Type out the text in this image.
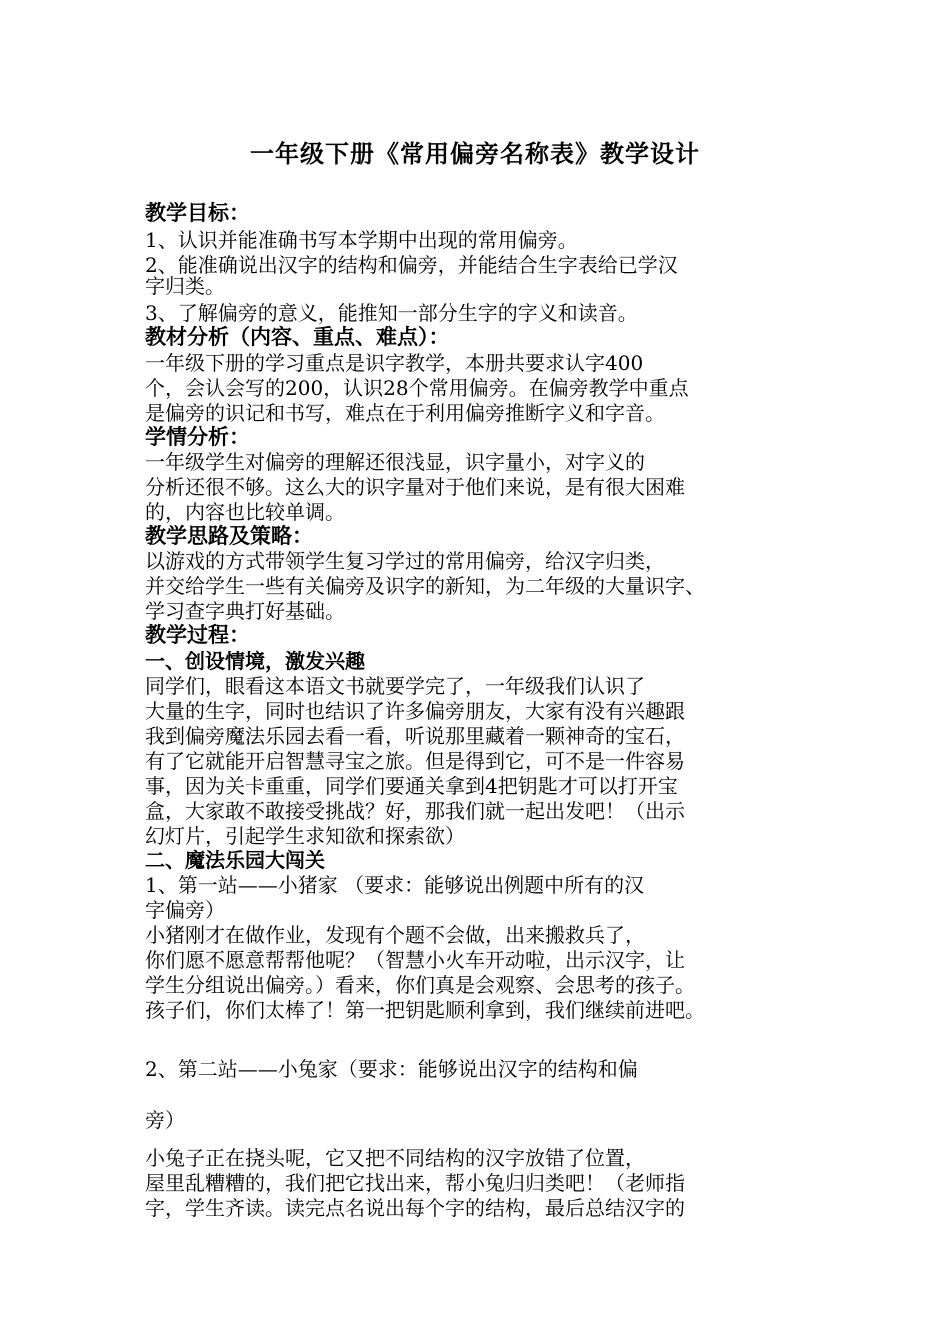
一年级下册《常用偏旁名称表》教学设计
教学目标：
1、认识并能准确书写本学期中出现的常用偏旁。
2、能准确说出汉字的结构和偏旁，并能结合生字表给已学汉
字归类。
3、了解偏旁的意义，能推知一部分生字的字义和读音。
教材分析（内容、重点、难点）：
一年级下册的学习重点是识字教学，本册共要求认字400
个，会认会写的200，认识28个常用偏旁。在偏旁教学中重点
是偏旁的识记和书写，难点在于利用偏旁推断字义和字音。
学情分析：
一年级学生对偏旁的理解还很浅显，识字量小，对字义的
分析还很不够。这么大的识字量对于他们来说，是有很大困难
的，内容也比较单调。
教学思路及策略：
以游戏的方式带领学生复习学过的常用偏旁，给汉字归类，
并交给学生一些有关偏旁及识字的新知，为二年级的大量识字、
学习查字典打好基础。
教学过程：
一、创设情境，激发兴趣
同学们，眼看这本语文书就要学完了，一年级我们认识了
大量的生字，同时也结识了许多偏旁朋友，大家有没有兴趣跟
我到偏旁魔法乐园去看一看，听说那里藏着一颗神奇的宝石，
有了它就能开启智慧寻宝之旅。但是得到它，可不是一件容易
事，因为关卡重重，同学们要通关拿到4把钥匙才可以打开宝
盒，大家敢不敢接受挑战？好，那我们就一起出发吧！（出示
幻灯片，引起学生求知欲和探索欲）
二、魔法乐园大闯关
1、第一站——小猪家 （要求：能够说出例题中所有的汉
字偏旁）
小猪刚才在做作业，发现有个题不会做，出来搬救兵了，
你们愿不愿意帮帮他呢？（智慧小火车开动啦，出示汉字，让
学生分组说出偏旁。）看来，你们真是会观察、会思考的孩子。
孩子们，你们太棒了！第一把钥匙顺利拿到，我们继续前进吧。
2、第二站——小兔家（要求：能够说出汉字的结构和偏
旁）
小兔子正在挠头呢，它又把不同结构的汉字放错了位置，
屋里乱糟糟的，我们把它找出来，帮小兔归归类吧！（老师指
字，学生齐读。读完点名说出每个字的结构，最后总结汉字的
